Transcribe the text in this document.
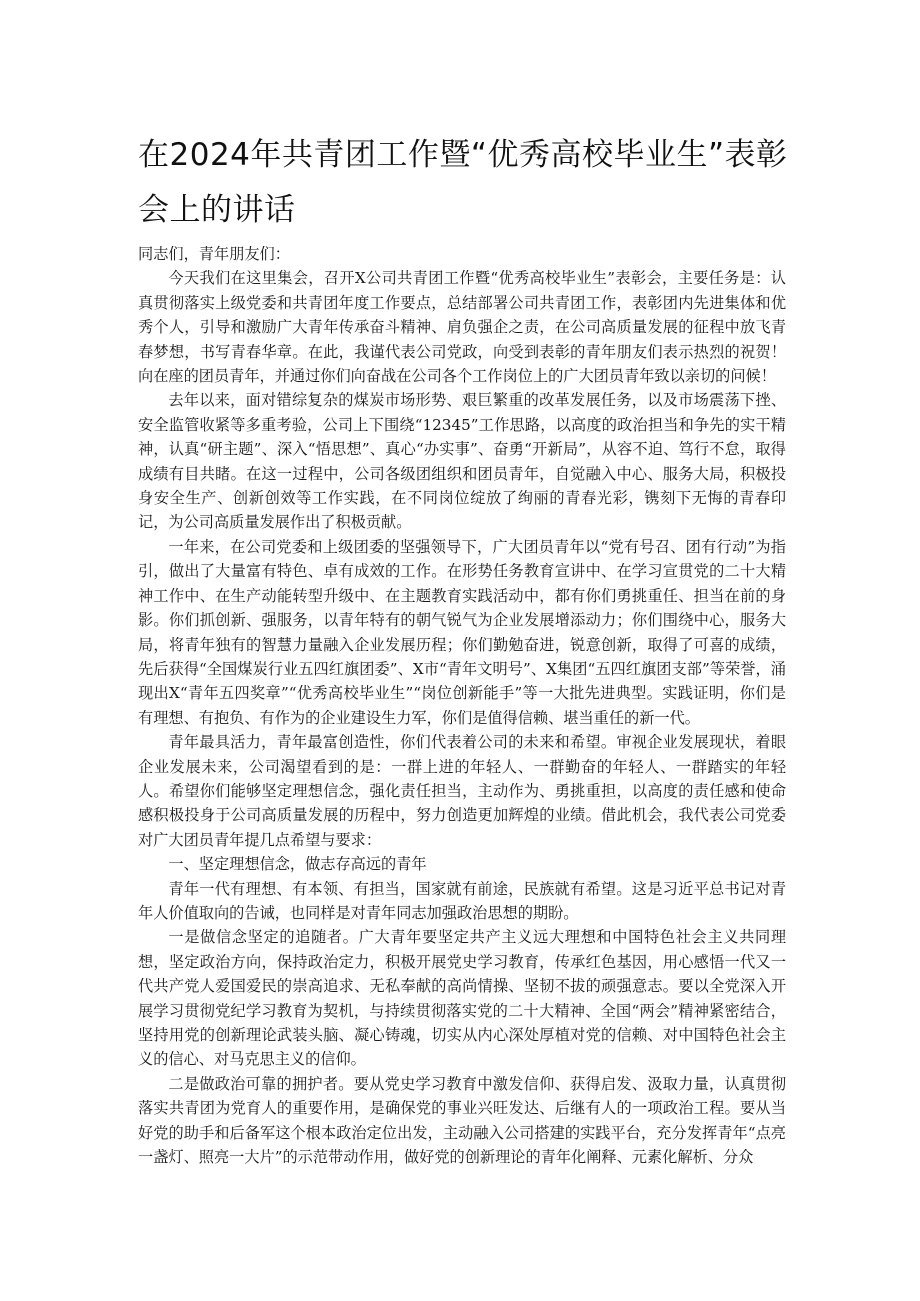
在2024年共青团工作暨“优秀高校毕业生”表彰会上的讲话

同志们，青年朋友们：

今天我们在这里集会，召开X公司共青团工作暨“优秀高校毕业生”表彰会，主要任务是：认真贯彻落实上级党委和共青团年度工作要点，总结部署公司共青团工作，表彰团内先进集体和优秀个人，引导和激励广大青年传承奋斗精神、肩负强企之责，在公司高质量发展的征程中放飞青春梦想，书写青春华章。在此，我谨代表公司党政，向受到表彰的青年朋友们表示热烈的祝贺！向在座的团员青年，并通过你们向奋战在公司各个工作岗位上的广大团员青年致以亲切的问候！

去年以来，面对错综复杂的煤炭市场形势、艰巨繁重的改革发展任务，以及市场震荡下挫、安全监管收紧等多重考验，公司上下围绕“12345”工作思路，以高度的政治担当和争先的实干精神，认真“研主题”、深入“悟思想”、真心“办实事”、奋勇“开新局”，从容不迫、笃行不怠，取得成绩有目共睹。在这一过程中，公司各级团组织和团员青年，自觉融入中心、服务大局，积极投身安全生产、创新创效等工作实践，在不同岗位绽放了绚丽的青春光彩，镌刻下无悔的青春印记，为公司高质量发展作出了积极贡献。

一年来，在公司党委和上级团委的坚强领导下，广大团员青年以“党有号召、团有行动”为指引，做出了大量富有特色、卓有成效的工作。在形势任务教育宣讲中、在学习宣贯党的二十大精神工作中、在生产动能转型升级中、在主题教育实践活动中，都有你们勇挑重任、担当在前的身影。你们抓创新、强服务，以青年特有的朝气锐气为企业发展增添动力；你们围绕中心，服务大局，将青年独有的智慧力量融入企业发展历程；你们勤勉奋进，锐意创新，取得了可喜的成绩，先后获得“全国煤炭行业五四红旗团委”、X市“青年文明号”、X集团“五四红旗团支部”等荣誉，涌现出X“青年五四奖章”“优秀高校毕业生”“岗位创新能手”等一大批先进典型。实践证明，你们是有理想、有抱负、有作为的企业建设生力军，你们是值得信赖、堪当重任的新一代。

青年最具活力，青年最富创造性，你们代表着公司的未来和希望。审视企业发展现状，着眼企业发展未来，公司渴望看到的是：一群上进的年轻人、一群勤奋的年轻人、一群踏实的年轻人。希望你们能够坚定理想信念，强化责任担当，主动作为、勇挑重担，以高度的责任感和使命感积极投身于公司高质量发展的历程中，努力创造更加辉煌的业绩。借此机会，我代表公司党委对广大团员青年提几点希望与要求：

一、坚定理想信念，做志存高远的青年

青年一代有理想、有本领、有担当，国家就有前途，民族就有希望。这是习近平总书记对青年人价值取向的告诫，也同样是对青年同志加强政治思想的期盼。

一是做信念坚定的追随者。广大青年要坚定共产主义远大理想和中国特色社会主义共同理想，坚定政治方向，保持政治定力，积极开展党史学习教育，传承红色基因，用心感悟一代又一代共产党人爱国爱民的崇高追求、无私奉献的高尚情操、坚韧不拔的顽强意志。要以全党深入开展学习贯彻党纪学习教育为契机，与持续贯彻落实党的二十大精神、全国“两会”精神紧密结合，坚持用党的创新理论武装头脑、凝心铸魂，切实从内心深处厚植对党的信赖、对中国特色社会主义的信心、对马克思主义的信仰。

二是做政治可靠的拥护者。要从党史学习教育中激发信仰、获得启发、汲取力量，认真贯彻落实共青团为党育人的重要作用，是确保党的事业兴旺发达、后继有人的一项政治工程。要从当好党的助手和后备军这个根本政治定位出发，主动融入公司搭建的实践平台，充分发挥青年“点亮一盏灯、照亮一大片”的示范带动作用，做好党的创新理论的青年化阐释、元素化解析、分众
